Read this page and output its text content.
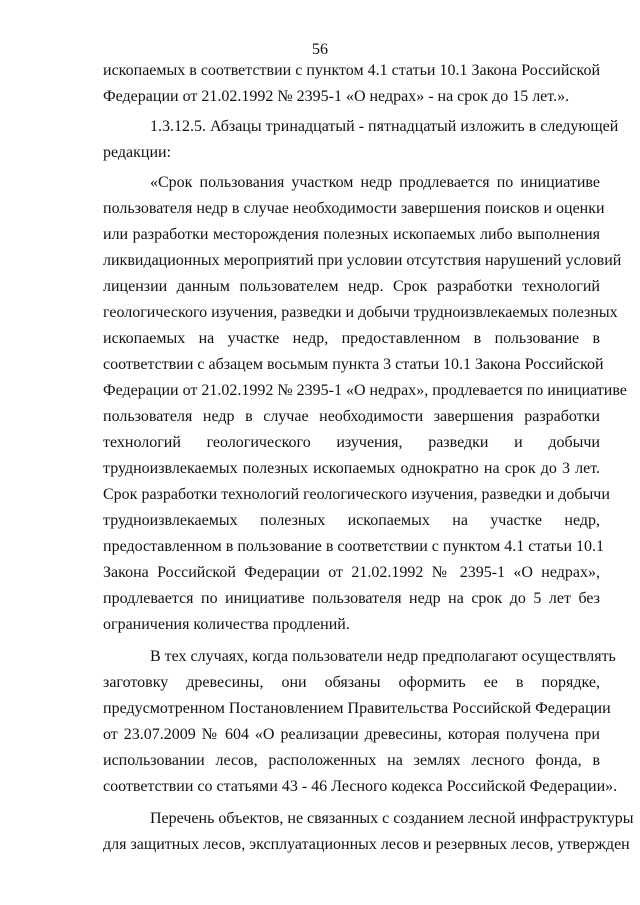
56
ископаемых в соответствии с пунктом 4.1 статьи 10.1 Закона Российской
Федерации от 21.02.1992 № 2395-1 «О недрах» - на срок до 15 лет.».
1.3.12.5. Абзацы тринадцатый - пятнадцатый изложить в следующей
редакции:
«Срок пользования участком недр продлевается по инициативе
пользователя недр в случае необходимости завершения поисков и оценки
или разработки месторождения полезных ископаемых либо выполнения
ликвидационных мероприятий при условии отсутствия нарушений условий
лицензии данным пользователем недр. Срок разработки технологий
геологического изучения, разведки и добычи трудноизвлекаемых полезных
ископаемых на участке недр, предоставленном в пользование в
соответствии с абзацем восьмым пункта 3 статьи 10.1 Закона Российской
Федерации от 21.02.1992 № 2395-1 «О недрах», продлевается по инициативе
пользователя недр в случае необходимости завершения разработки
технологий геологического изучения, разведки и добычи
трудноизвлекаемых полезных ископаемых однократно на срок до 3 лет.
Срок разработки технологий геологического изучения, разведки и добычи
трудноизвлекаемых полезных ископаемых на участке недр,
предоставленном в пользование в соответствии с пунктом 4.1 статьи 10.1
Закона Российской Федерации от 21.02.1992 № 2395-1 «О недрах»,
продлевается по инициативе пользователя недр на срок до 5 лет без
ограничения количества продлений.
В тех случаях, когда пользователи недр предполагают осуществлять
заготовку древесины, они обязаны оформить ее в порядке,
предусмотренном Постановлением Правительства Российской Федерации
от 23.07.2009 № 604 «О реализации древесины, которая получена при
использовании лесов, расположенных на землях лесного фонда, в
соответствии со статьями 43 - 46 Лесного кодекса Российской Федерации».
Перечень объектов, не связанных с созданием лесной инфраструктуры
для защитных лесов, эксплуатационных лесов и резервных лесов, утвержден
